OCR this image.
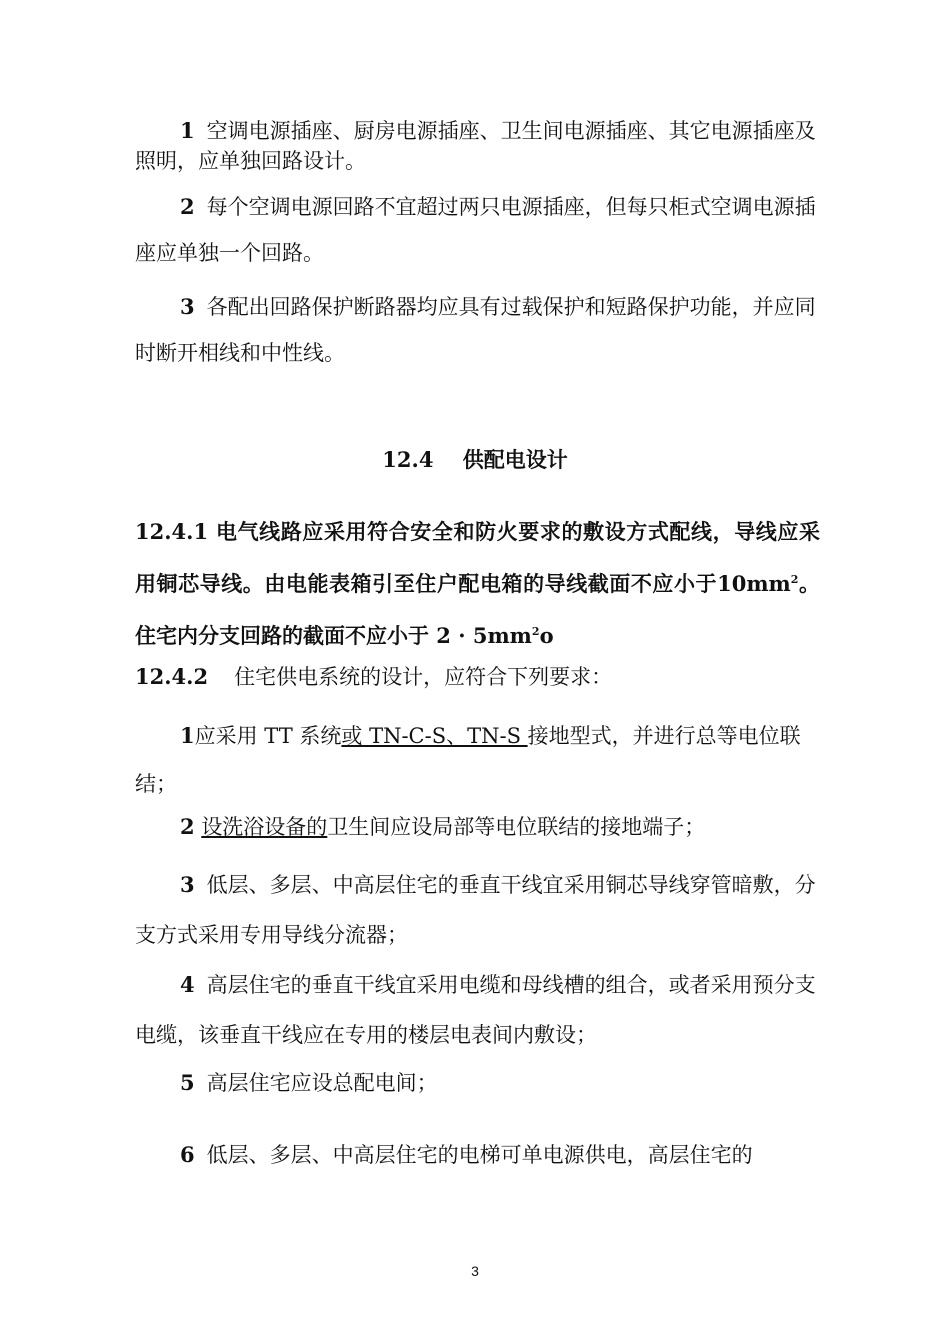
1 空调电源插座、厨房电源插座、卫生间电源插座、其它电源插座及照明，应单独回路设计。

2 每个空调电源回路不宜超过两只电源插座，但每只柜式空调电源插座应单独一个回路。

3 各配出回路保护断路器均应具有过载保护和短路保护功能，并应同时断开相线和中性线。

12.4 供配电设计

12.4.1 电气线路应采用符合安全和防火要求的敷设方式配线，导线应采用铜芯导线。由电能表箱引至住户配电箱的导线截面不应小于$10mm^2$。住宅内分支回路的截面不应小于 $2 \cdot 5mm^2o$

12.4.2 住宅供电系统的设计，应符合下列要求：

1应采用 TT 系统或 TN-C-S、TN-S 接地型式，并进行总等电位联结；

2 设洗浴设备的卫生间应设局部等电位联结的接地端子；

3 低层、多层、中高层住宅的垂直干线宜采用铜芯导线穿管暗敷，分支方式采用专用导线分流器；

4 高层住宅的垂直干线宜采用电缆和母线槽的组合，或者采用预分支电缆，该垂直干线应在专用的楼层电表间内敷设；

5 高层住宅应设总配电间；

6 低层、多层、中高层住宅的电梯可单电源供电，高层住宅的

3
